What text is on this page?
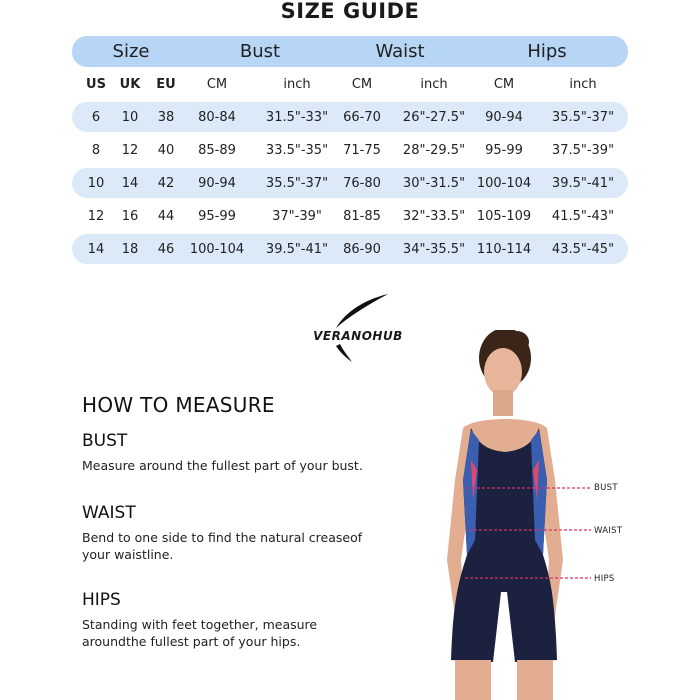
SIZE GUIDE
Size	Bust	Waist	Hips
US	UK	EU	CM	inch	CM	inch	CM	inch
6	10	38	80-84	31.5"-33"	66-70	26"-27.5"	90-94	35.5"-37"
8	12	40	85-89	33.5"-35"	71-75	28"-29.5"	95-99	37.5"-39"
10	14	42	90-94	35.5"-37"	76-80	30"-31.5" 100-104	39.5"-41"
12	16	44	95-99	37"-39"	81-85	32"-33.5" 105-109	41.5"-43"
14	18	46	100-104	39.5"-41"	86-90	34"-35.5" 110-114	43.5"-45"
VERANOHUB
HOW TO MEASURE
BUST
Measure around the fullest part of your bust.
WAIST
Bend to one side to find the natural creaseof your waistline.
HIPS
Standing with feet together, measure aroundthe fullest part of your hips.
BUST
WAIST
HIPS
